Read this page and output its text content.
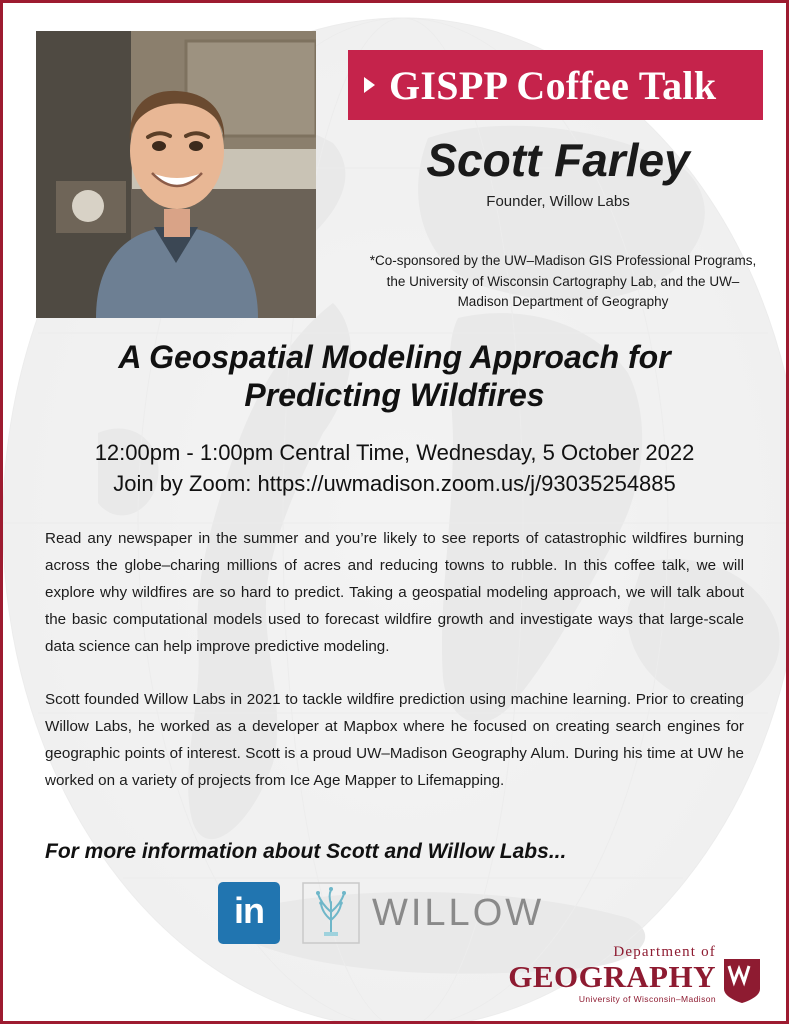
GISPP Coffee Talk
Scott Farley
Founder, Willow Labs
*Co-sponsored by the UW–Madison GIS Professional Programs, the University of Wisconsin Cartography Lab, and the UW–Madison Department of Geography
A Geospatial Modeling Approach for Predicting Wildfires
12:00pm - 1:00pm Central Time, Wednesday, 5 October 2022
Join by Zoom: https://uwmadison.zoom.us/j/93035254885

Read any newspaper in the summer and you’re likely to see reports of catastrophic wildfires burning across the globe–charing millions of acres and reducing towns to rubble. In this coffee talk, we will explore why wildfires are so hard to predict. Taking a geospatial modeling approach, we will talk about the basic computational models used to forecast wildfire growth and investigate ways that large-scale data science can help improve predictive modeling.

Scott founded Willow Labs in 2021 to tackle wildfire prediction using machine learning. Prior to creating Willow Labs, he worked as a developer at Mapbox where he focused on creating search engines for geographic points of interest. Scott is a proud UW–Madison Geography Alum. During his time at UW he worked on a variety of projects from Ice Age Mapper to Lifemapping.

For more information about Scott and Willow Labs...
in	WILLOW
Department of
GEOGRAPHY
University of Wisconsin–Madison
